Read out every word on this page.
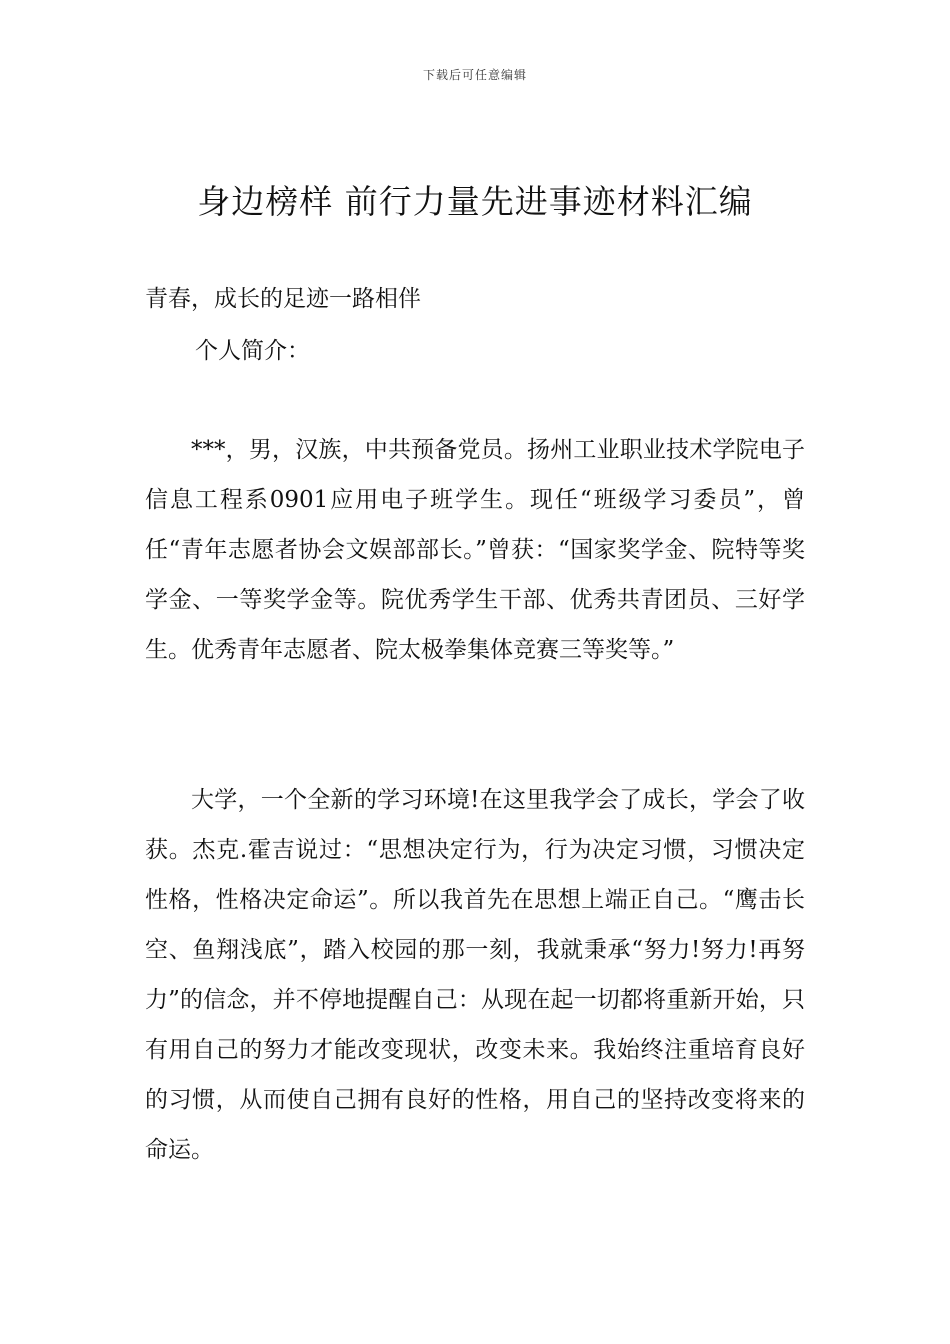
下载后可任意编辑
身边榜样 前行力量先进事迹材料汇编

青春，成长的足迹一路相伴

个人简介：

***，男，汉族，中共预备党员。扬州工业职业技术学院电子信息工程系0901应用电子班学生。现任“班级学习委员”，曾任“青年志愿者协会文娱部部长。”曾获：“国家奖学金、院特等奖学金、一等奖学金等。院优秀学生干部、优秀共青团员、三好学生。优秀青年志愿者、院太极拳集体竞赛三等奖等。”

大学，一个全新的学习环境!在这里我学会了成长，学会了收获。杰克.霍吉说过：“思想决定行为，行为决定习惯，习惯决定性格，性格决定命运”。所以我首先在思想上端正自己。“鹰击长空、鱼翔浅底”，踏入校园的那一刻，我就秉承“努力!努力!再努力”的信念，并不停地提醒自己：从现在起一切都将重新开始，只有用自己的努力才能改变现状，改变未来。我始终注重培育良好的习惯，从而使自己拥有良好的性格，用自己的坚持改变将来的命运。
